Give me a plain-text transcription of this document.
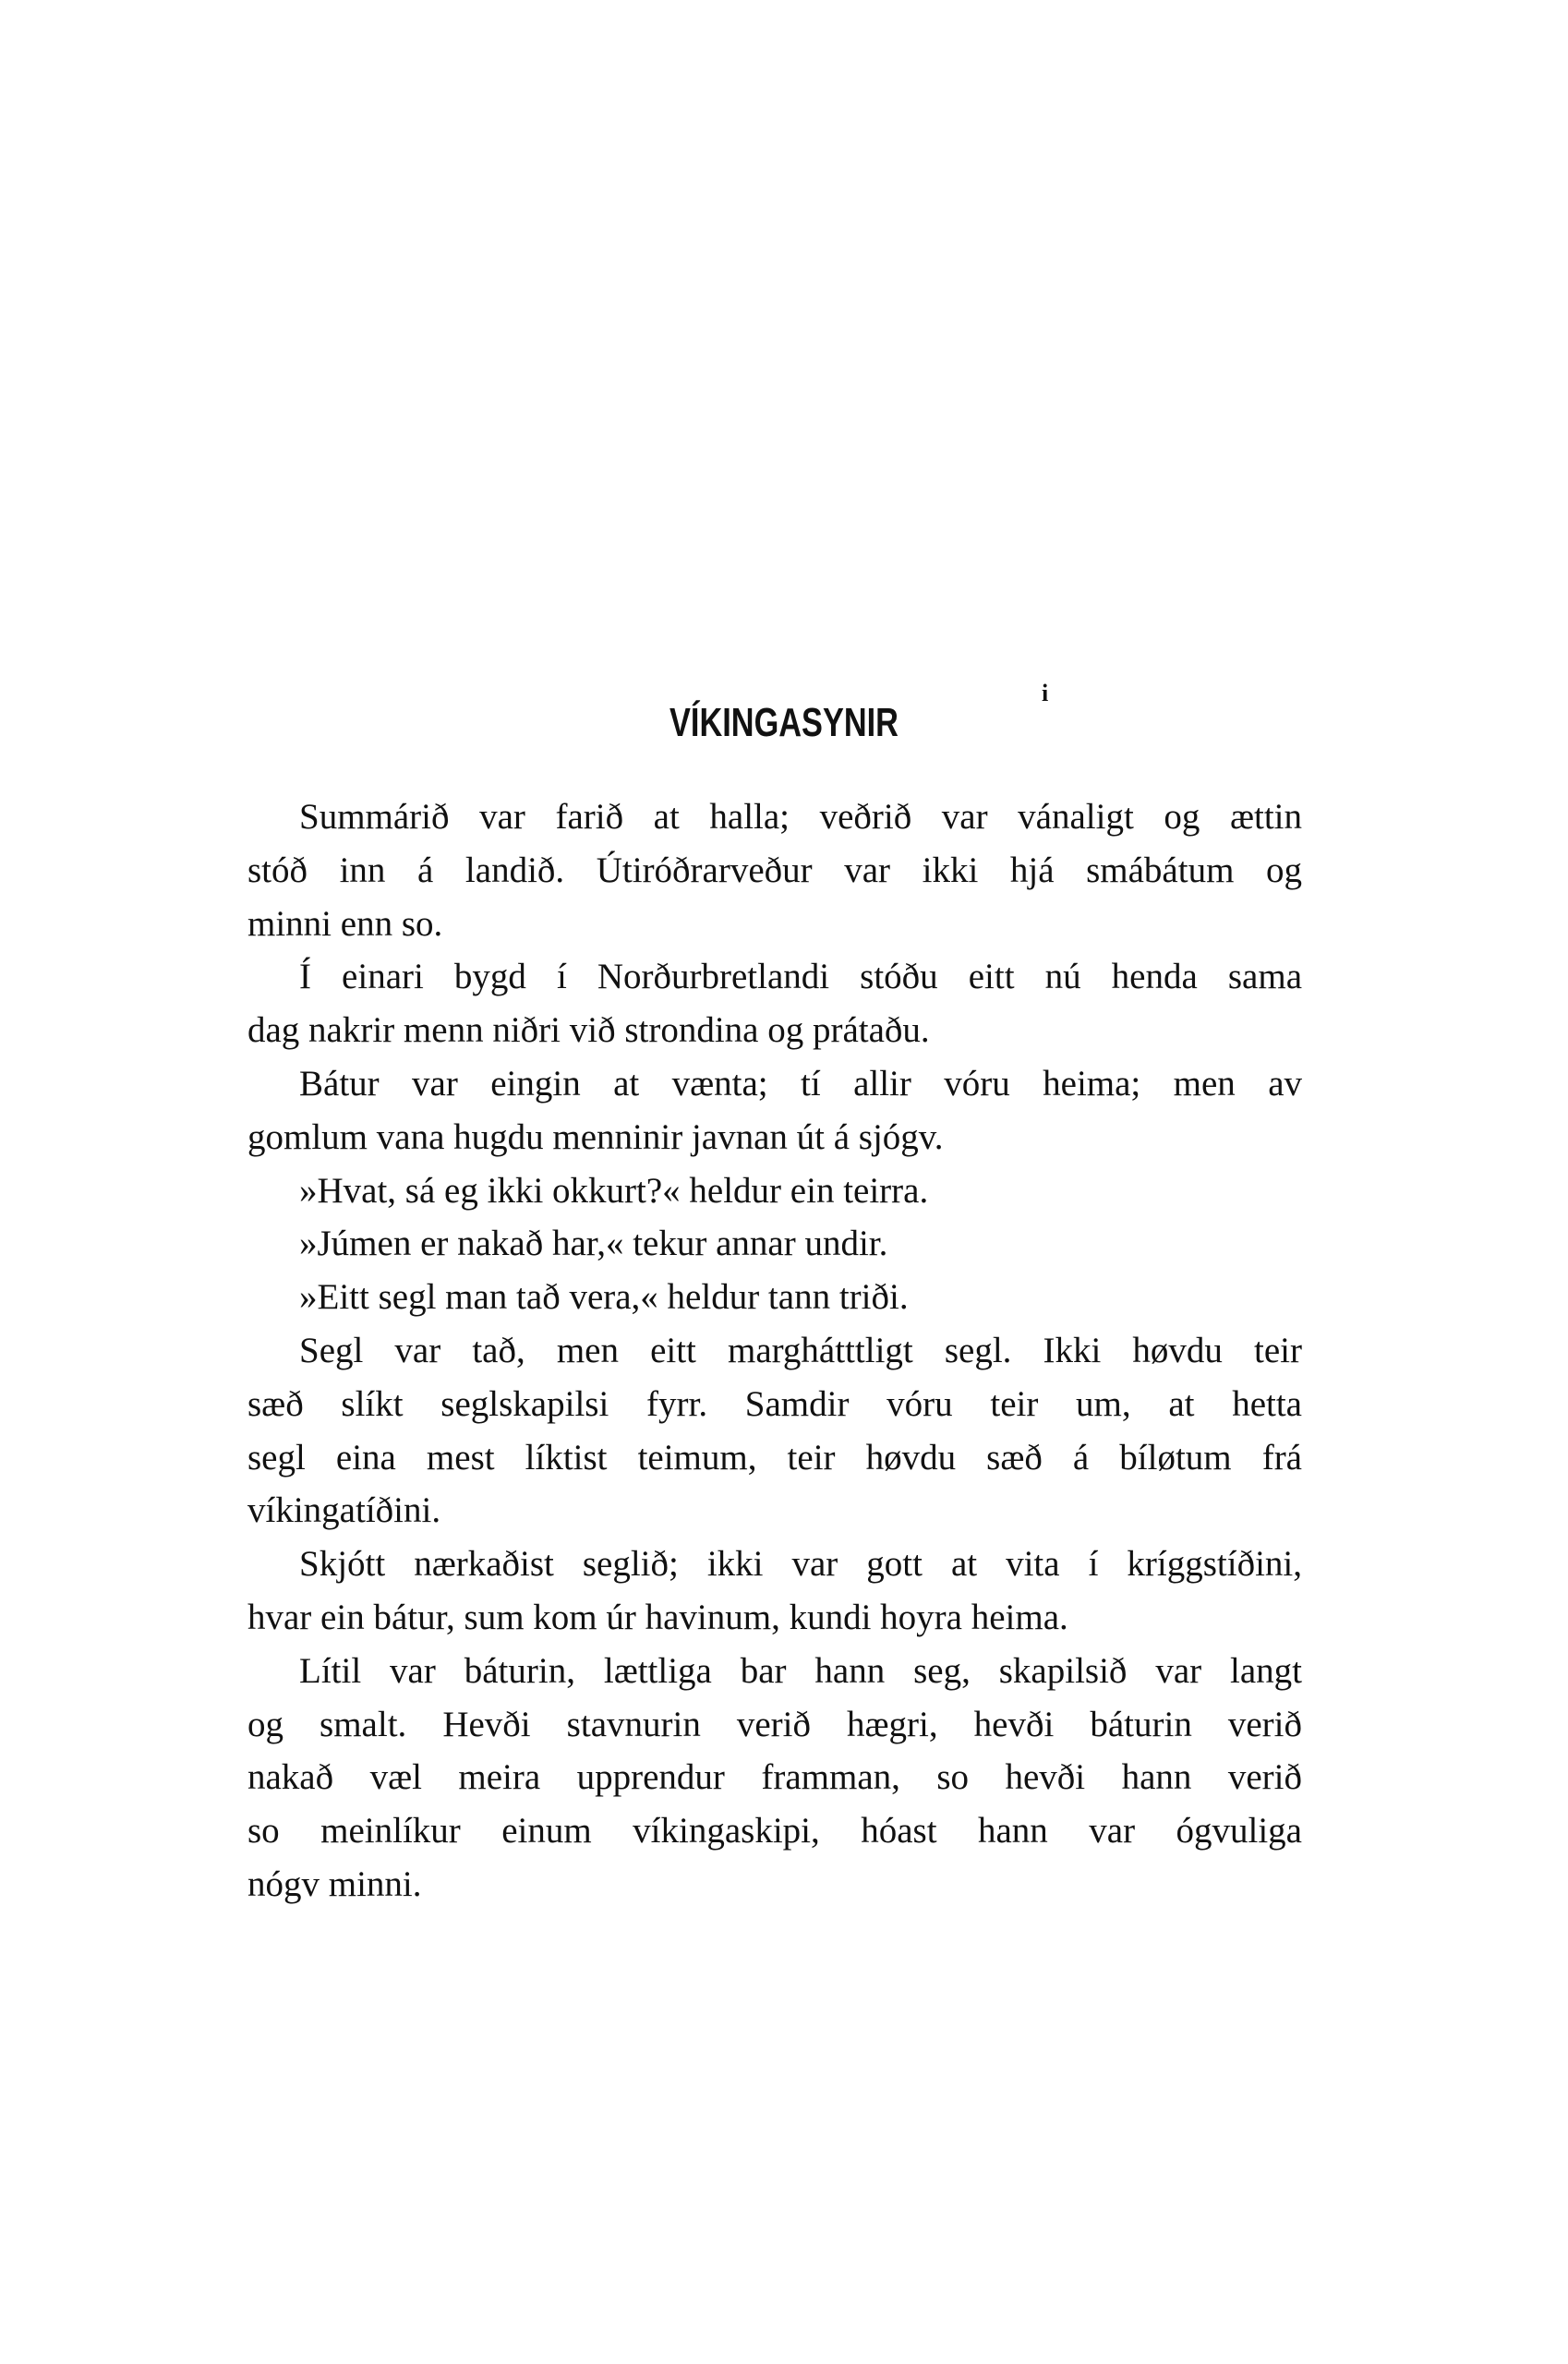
VÍKINGASYNIR
i
Summárið var farið at halla; veðrið var vánaligt og ættin
stóð inn á landið. Útiróðrarveður var ikki hjá smábátum og
minni enn so.
Í einari bygd í Norðurbretlandi stóðu eitt nú henda sama
dag nakrir menn niðri við strondina og prátaðu.
Bátur var eingin at vænta; tí allir vóru heima; men av
gomlum vana hugdu menninir javnan út á sjógv.
»Hvat, sá eg ikki okkurt?« heldur ein teirra.
»Júmen er nakað har,« tekur annar undir.
»Eitt segl man tað vera,« heldur tann triði.
Segl var tað, men eitt marghátttligt segl. Ikki høvdu teir
sæð slíkt seglskapilsi fyrr. Samdir vóru teir um, at hetta
segl eina mest líktist teimum, teir høvdu sæð á bíløtum frá
víkingatíðini.
Skjótt nærkaðist seglið; ikki var gott at vita í kríggstíðini,
hvar ein bátur, sum kom úr havinum, kundi hoyra heima.
Lítil var báturin, lættliga bar hann seg, skapilsið var langt
og smalt. Hevði stavnurin verið hægri, hevði báturin verið
nakað væl meira upprendur framman, so hevði hann verið
so meinlíkur einum víkingaskipi, hóast hann var ógvuliga
nógv minni.
